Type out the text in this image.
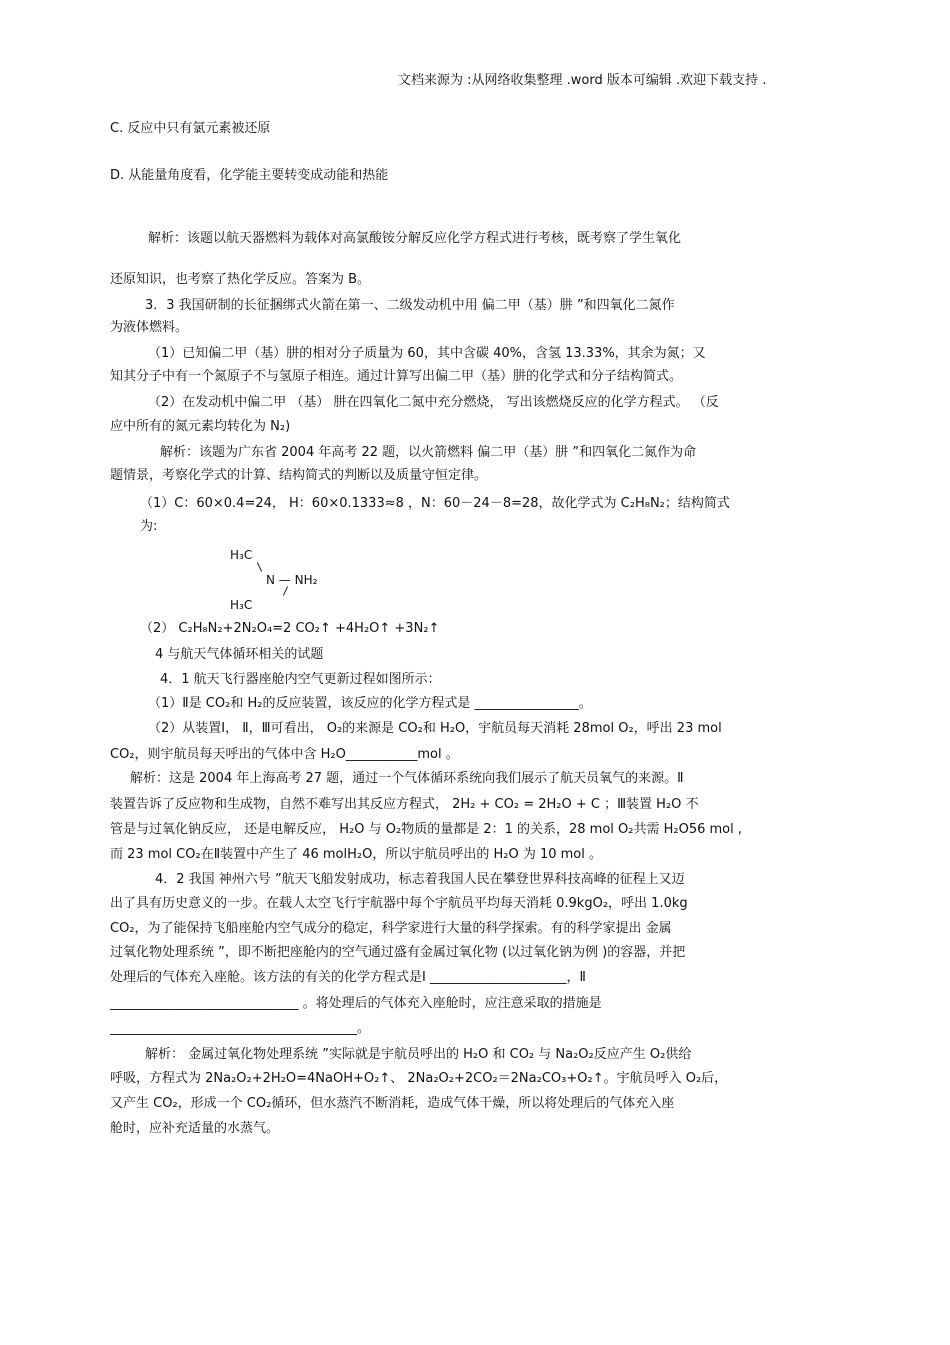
文档来源为 :从网络收集整理 .word 版本可编辑 .欢迎下载支持 .
C. 反应中只有氯元素被还原
D. 从能量角度看，化学能主要转变成动能和热能
解析：该题以航天器燃料为载体对高氯酸铵分解反应化学方程式进行考核，既考察了学生氧化
还原知识，也考察了热化学反应。答案为 B。
3．3 我国研制的长征捆绑式火箭在第一、二级发动机中用 偏二甲（基）肼 ”和四氧化二氮作
为液体燃料。
（1）已知偏二甲（基）肼的相对分子质量为 60，其中含碳 40%，含氢 13.33%，其余为氮；又
知其分子中有一个氮原子不与氢原子相连。通过计算写出偏二甲（基）肼的化学式和分子结构简式。
（2）在发动机中偏二甲 （基） 肼在四氧化二氮中充分燃烧， 写出该燃烧反应的化学方程式。 （反
应中所有的氮元素均转化为 N₂)
解析：该题为广东省 2004 年高考 22 题，以火箭燃料 偏二甲（基）肼 ”和四氧化二氮作为命
题情景，考察化学式的计算、结构简式的判断以及质量守恒定律。
（1）C：60×0.4=24， H：60×0.1333≈8 ，N：60－24－8=28，故化学式为 C₂H₈N₂；结构简式
为:
H₃C
N — NH₂
H₃C
（2） C₂H₈N₂+2N₂O₄=2 CO₂↑ +4H₂O↑ +3N₂↑
4 与航天气体循环相关的试题
4．1 航天飞行器座舱内空气更新过程如图所示：
（1）Ⅱ是 CO₂和 H₂的反应装置，该反应的化学方程式是 ________________。
（2）从装置Ⅰ， Ⅱ，Ⅲ可看出， O₂的来源是 CO₂和 H₂O，宇航员每天消耗 28mol O₂，呼出 23 mol
CO₂，则宇航员每天呼出的气体中含 H₂O___________mol 。
解析：这是 2004 年上海高考 27 题，通过一个气体循环系统向我们展示了航天员氧气的来源。Ⅱ
装置告诉了反应物和生成物，自然不难写出其反应方程式， 2H₂ + CO₂ = 2H₂O + C ；Ⅲ装置 H₂O 不
管是与过氧化钠反应， 还是电解反应， H₂O 与 O₂物质的量都是 2：1 的关系，28 mol O₂共需 H₂O56 mol ,
而 23 mol CO₂在Ⅱ装置中产生了 46 molH₂O，所以宇航员呼出的 H₂O 为 10 mol 。
4．2 我国 神州六号 ”航天飞船发射成功，标志着我国人民在攀登世界科技高峰的征程上又迈
出了具有历史意义的一步。在载人太空飞行宇航器中每个宇航员平均每天消耗 0.9kgO₂，呼出 1.0kg
CO₂，为了能保持飞船座舱内空气成分的稳定，科学家进行大量的科学探索。有的科学家提出 金属
过氧化物处理系统 ”，即不断把座舱内的空气通过盛有金属过氧化物 (以过氧化钠为例 )的容器，并把
处理后的气体充入座舱。该方法的有关的化学方程式是Ⅰ _____________________，Ⅱ
_____________________________ 。将处理后的气体充入座舱时，应注意采取的措施是
______________________________________。
解析： 金属过氧化物处理系统 ”实际就是宇航员呼出的 H₂O 和 CO₂ 与 Na₂O₂反应产生 O₂供给
呼吸，方程式为 2Na₂O₂+2H₂O=4NaOH+O₂↑、 2Na₂O₂+2CO₂＝2Na₂CO₃+O₂↑。宇航员呼入 O₂后，
又产生 CO₂，形成一个 CO₂循环，但水蒸汽不断消耗，造成气体干燥，所以将处理后的气体充入座
舱时，应补充适量的水蒸气。
